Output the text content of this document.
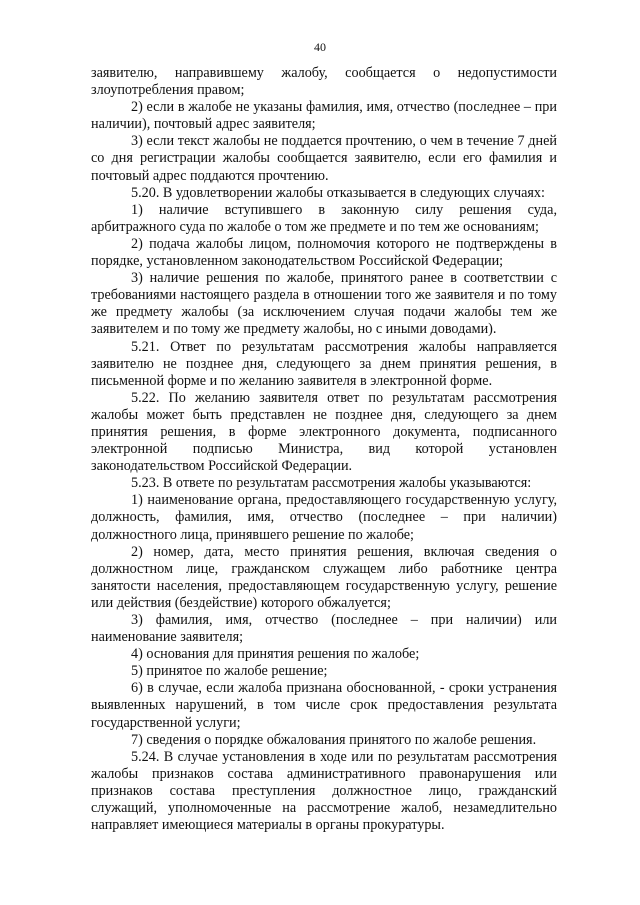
40

заявителю, направившему жалобу, сообщается о недопустимости злоупотребления правом;

2) если в жалобе не указаны фамилия, имя, отчество (последнее – при наличии), почтовый адрес заявителя;

3) если текст жалобы не поддается прочтению, о чем в течение 7 дней со дня регистрации жалобы сообщается заявителю, если его фамилия и почтовый адрес поддаются прочтению.

5.20. В удовлетворении жалобы отказывается в следующих случаях:

1) наличие вступившего в законную силу решения суда, арбитражного суда по жалобе о том же предмете и по тем же основаниям;

2) подача жалобы лицом, полномочия которого не подтверждены в порядке, установленном законодательством Российской Федерации;

3) наличие решения по жалобе, принятого ранее в соответствии с требованиями настоящего раздела в отношении того же заявителя и по тому же предмету жалобы (за исключением случая подачи жалобы тем же заявителем и по тому же предмету жалобы, но с иными доводами).

5.21. Ответ по результатам рассмотрения жалобы направляется заявителю не позднее дня, следующего за днем принятия решения, в письменной форме и по желанию заявителя в электронной форме.

5.22. По желанию заявителя ответ по результатам рассмотрения жалобы может быть представлен не позднее дня, следующего за днем принятия решения, в форме электронного документа, подписанного электронной подписью Министра, вид которой установлен законодательством Российской Федерации.

5.23. В ответе по результатам рассмотрения жалобы указываются:

1) наименование органа, предоставляющего государственную услугу, должность, фамилия, имя, отчество (последнее – при наличии) должностного лица, принявшего решение по жалобе;

2) номер, дата, место принятия решения, включая сведения о должностном лице, гражданском служащем либо работнике центра занятости населения, предоставляющем государственную услугу, решение или действия (бездействие) которого обжалуется;

3) фамилия, имя, отчество (последнее – при наличии) или наименование заявителя;

4) основания для принятия решения по жалобе;

5) принятое по жалобе решение;

6) в случае, если жалоба признана обоснованной, - сроки устранения выявленных нарушений, в том числе срок предоставления результата государственной услуги;

7) сведения о порядке обжалования принятого по жалобе решения.

5.24. В случае установления в ходе или по результатам рассмотрения жалобы признаков состава административного правонарушения или признаков состава преступления должностное лицо, гражданский служащий, уполномоченные на рассмотрение жалоб, незамедлительно направляет имеющиеся материалы в органы прокуратуры.
